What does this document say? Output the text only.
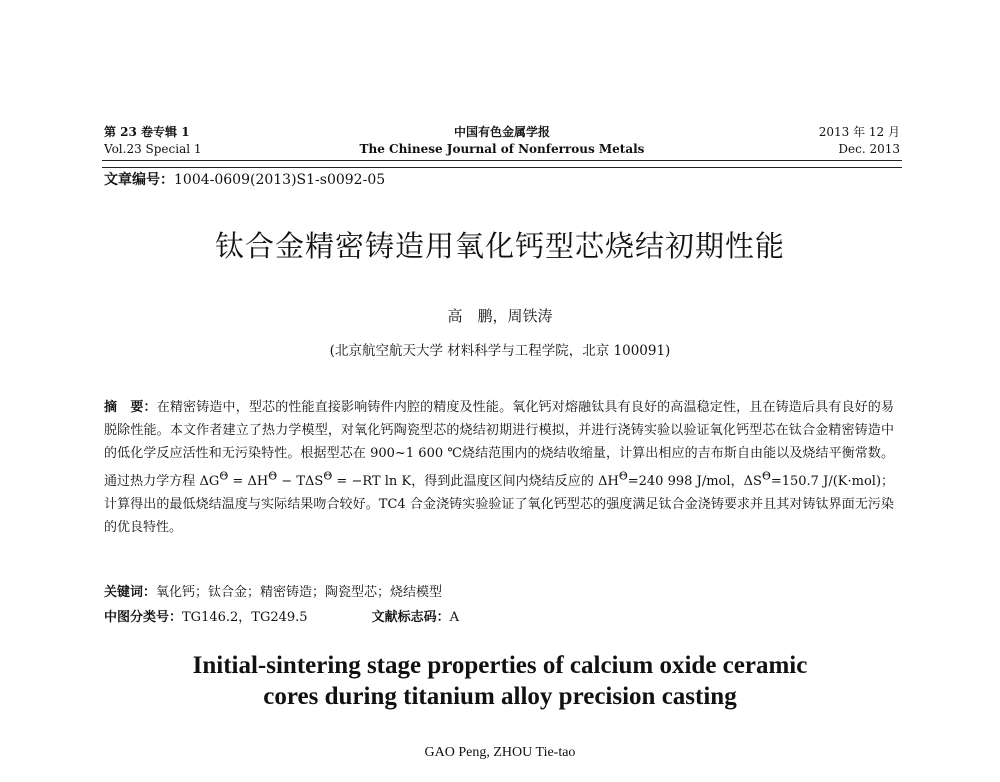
第 23 卷专辑 1
Vol.23 Special 1
中国有色金属学报
The Chinese Journal of Nonferrous Metals
2013 年 12 月
Dec. 2013
文章编号：1004-0609(2013)S1-s0092-05
钛合金精密铸造用氧化钙型芯烧结初期性能
高　鹏，周铁涛
(北京航空航天大学 材料科学与工程学院，北京 100091)
摘　要：在精密铸造中，型芯的性能直接影响铸件内腔的精度及性能。氧化钙对熔融钛具有良好的高温稳定性，且在铸造后具有良好的易脱除性能。本文作者建立了热力学模型，对氧化钙陶瓷型芯的烧结初期进行模拟，并进行浇铸实验以验证氧化钙型芯在钛合金精密铸造中的低化学反应活性和无污染特性。根据型芯在 900~1 600 ℃烧结范围内的烧结收缩量，计算出相应的吉布斯自由能以及烧结平衡常数。通过热力学方程 $\Delta G^\Theta = \Delta H^\Theta - T\Delta S^\Theta = -RT$ ln K，得到此温度区间内烧结反应的 $\Delta H^\Theta=240$ 998 J/mol，$\Delta S^\Theta=150.7$ J/(K·mol)；计算得出的最低烧结温度与实际结果吻合较好。TC4 合金浇铸实验验证了氧化钙型芯的强度满足钛合金浇铸要求并且其对铸钛界面无污染的优良特性。
关键词：氧化钙；钛合金；精密铸造；陶瓷型芯；烧结模型
中图分类号：TG146.2，TG249.5	文献标志码：A
Initial-sintering stage properties of calcium oxide ceramic
cores during titanium alloy precision casting
GAO Peng, ZHOU Tie-tao
